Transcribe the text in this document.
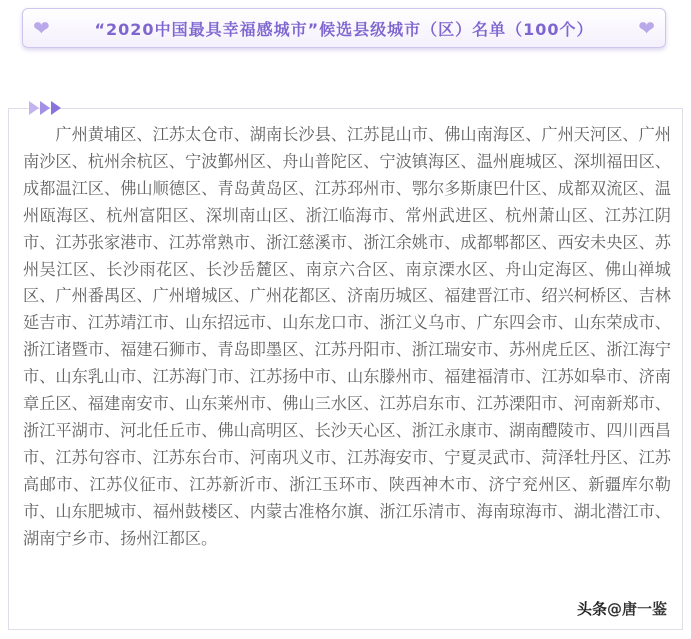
❤	“2020中国最具幸福感城市”候选县级城市（区）名单（100个） ❤

广州黄埔区、江苏太仓市、湖南长沙县、江苏昆山市、佛山南海区、广州天河区、广州南沙区、杭州余杭区、宁波鄞州区、舟山普陀区、宁波镇海区、温州鹿城区、深圳福田区、成都温江区、佛山顺德区、青岛黄岛区、江苏邳州市、鄂尔多斯康巴什区、成都双流区、温州瓯海区、杭州富阳区、深圳南山区、浙江临海市、常州武进区、杭州萧山区、江苏江阴市、江苏张家港市、江苏常熟市、浙江慈溪市、浙江余姚市、成都郫都区、西安未央区、苏州吴江区、长沙雨花区、长沙岳麓区、南京六合区、南京溧水区、舟山定海区、佛山禅城区、广州番禺区、广州增城区、广州花都区、济南历城区、福建晋江市、绍兴柯桥区、吉林延吉市、江苏靖江市、山东招远市、山东龙口市、浙江义乌市、广东四会市、山东荣成市、浙江诸暨市、福建石狮市、青岛即墨区、江苏丹阳市、浙江瑞安市、苏州虎丘区、浙江海宁市、山东乳山市、江苏海门市、江苏扬中市、山东滕州市、福建福清市、江苏如皋市、济南章丘区、福建南安市、山东莱州市、佛山三水区、江苏启东市、江苏溧阳市、河南新郑市、浙江平湖市、河北任丘市、佛山高明区、长沙天心区、浙江永康市、湖南醴陵市、四川西昌市、江苏句容市、江苏东台市、河南巩义市、江苏海安市、宁夏灵武市、菏泽牡丹区、江苏高邮市、江苏仪征市、江苏新沂市、浙江玉环市、陕西神木市、济宁兖州区、新疆库尔勒市、山东肥城市、福州鼓楼区、内蒙古准格尔旗、浙江乐清市、海南琼海市、湖北潜江市、湖南宁乡市、扬州江都区。

头条 @唐一鉴
